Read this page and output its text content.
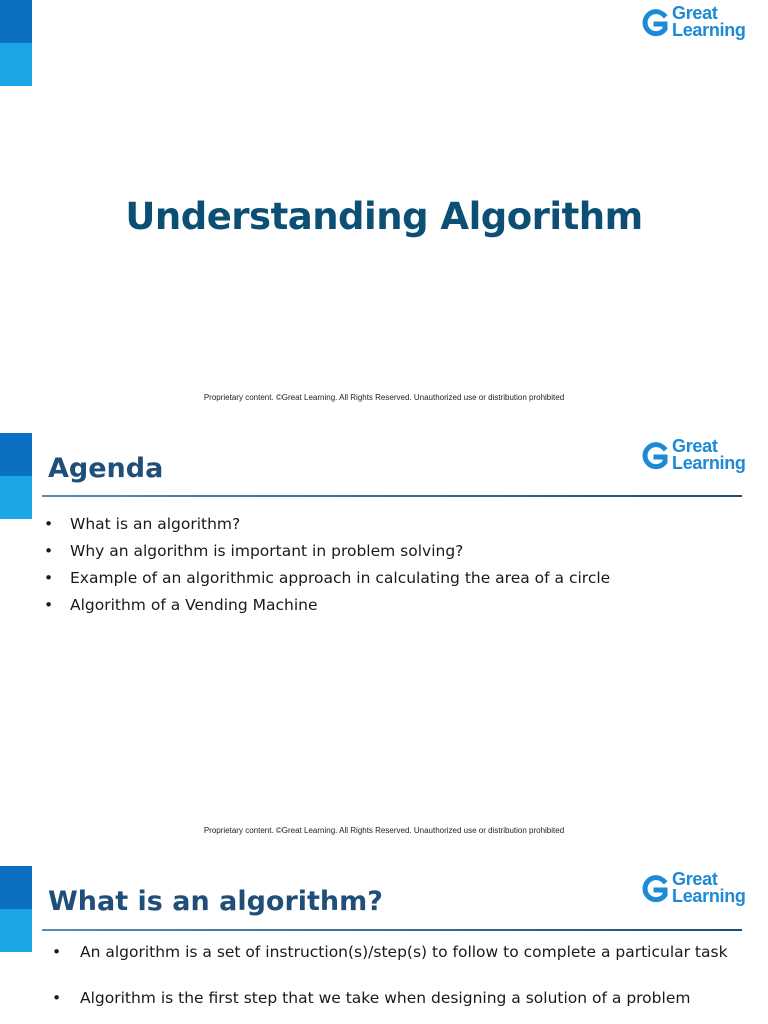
Great
Learning
Understanding Algorithm
Proprietary content. ©Great Learning. All Rights Reserved. Unauthorized use or distribution prohibited
Great
Learning
Agenda
• What is an algorithm?
• Why an algorithm is important in problem solving?
• Example of an algorithmic approach in calculating the area of a circle
• Algorithm of a Vending Machine
Proprietary content. ©Great Learning. All Rights Reserved. Unauthorized use or distribution prohibited
Great
Learning
What is an algorithm?
• An algorithm is a set of instruction(s)/step(s) to follow to complete a particular task
• Algorithm is the first step that we take when designing a solution of a problem
